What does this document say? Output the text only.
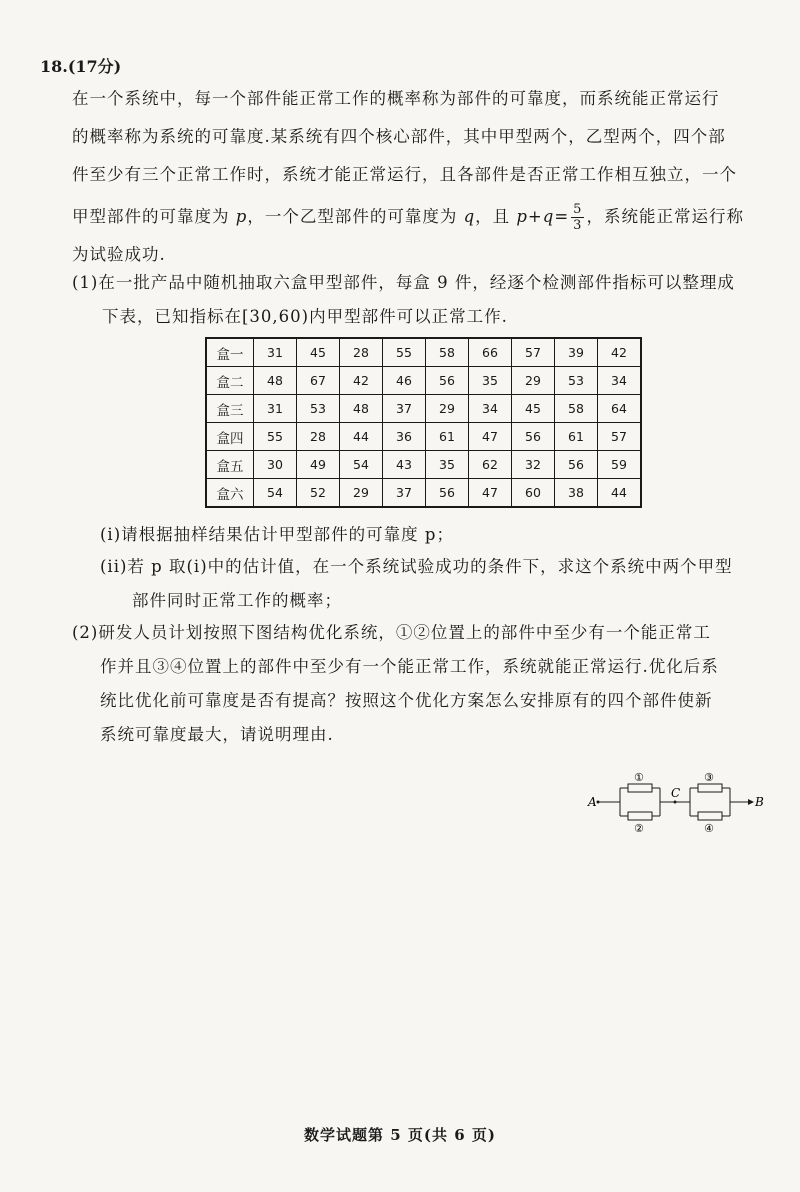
18.(17分)
在一个系统中，每一个部件能正常工作的概率称为部件的可靠度，而系统能正常运行
的概率称为系统的可靠度.某系统有四个核心部件，其中甲型两个，乙型两个，四个部
件至少有三个正常工作时，系统才能正常运行，且各部件是否正常工作相互独立，一个
甲型部件的可靠度为 p，一个乙型部件的可靠度为 q，且 $p+q= \frac{5}{3}$ ，系统能正常运行称
为试验成功.
(1)在一批产品中随机抽取六盒甲型部件，每盒 9 件，经逐个检测部件指标可以整理成
下表，已知指标在[30,60)内甲型部件可以正常工作.
盒一	31	45	28	55	58	66	57	39	42
盒二	48	67	42	46	56	35	29	53	34
盒三	31	53	48	37	29	34	45	58	64
盒四	55	28	44	36	61	47	56	61	57
盒五	30	49	54	43	35	62	32	56	59
盒六	54	52	29	37	56	47	60	38	44
(i)请根据抽样结果估计甲型部件的可靠度 p；
(ii)若 p 取(i)中的估计值，在一个系统试验成功的条件下，求这个系统中两个甲型
部件同时正常工作的概率；
(2)研发人员计划按照下图结构优化系统，①②位置上的部件中至少有一个能正常工
作并且③④位置上的部件中至少有一个能正常工作，系统就能正常运行.优化后系
统比优化前可靠度是否有提高？按照这个优化方案怎么安排原有的四个部件使新
系统可靠度最大，请说明理由.
A
①
②
C
③
④
B
数学试题第 5 页(共 6 页)
